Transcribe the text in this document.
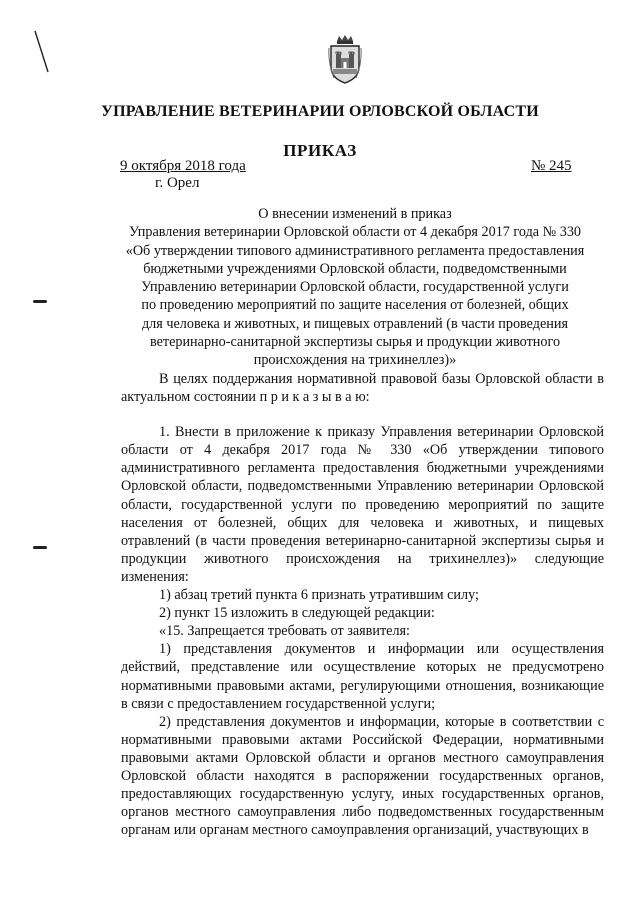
УПРАВЛЕНИЕ ВЕТЕРИНАРИИ ОРЛОВСКОЙ ОБЛАСТИ
ПРИКАЗ
9 октября 2018 года	№ 245
г. Орел
О внесении изменений в приказ
Управления ветеринарии Орловской области от 4 декабря 2017 года № 330
«Об утверждении типового административного регламента предоставления
бюджетными учреждениями Орловской области, подведомственными
Управлению ветеринарии Орловской области, государственной услуги
по проведению мероприятий по защите населения от болезней, общих
для человека и животных, и пищевых отравлений (в части проведения
ветеринарно-санитарной экспертизы сырья и продукции животного
происхождения на трихинеллез)»

В целях поддержания нормативной правовой базы Орловской области в актуальном состоянии п р и к а з ы в а ю:

1. Внести в приложение к приказу Управления ветеринарии Орловской области от 4 декабря 2017 года № 330 «Об утверждении типового административного регламента предоставления бюджетными учреждениями Орловской области, подведомственными Управлению ветеринарии Орловской области, государственной услуги по проведению мероприятий по защите населения от болезней, общих для человека и животных, и пищевых отравлений (в части проведения ветеринарно-санитарной экспертизы сырья и продукции животного происхождения на трихинеллез)» следующие изменения:

1) абзац третий пункта 6 признать утратившим силу;

2) пункт 15 изложить в следующей редакции:

«15. Запрещается требовать от заявителя:

1) представления документов и информации или осуществления действий, представление или осуществление которых не предусмотрено нормативными правовыми актами, регулирующими отношения, возникающие в связи с предоставлением государственной услуги;

2) представления документов и информации, которые в соответствии с нормативными правовыми актами Российской Федерации, нормативными правовыми актами Орловской области и органов местного самоуправления Орловской области находятся в распоряжении государственных органов, предоставляющих государственную услугу, иных государственных органов, органов местного самоуправления либо подведомственных государственным органам или органам местного самоуправления организаций, участвующих в
